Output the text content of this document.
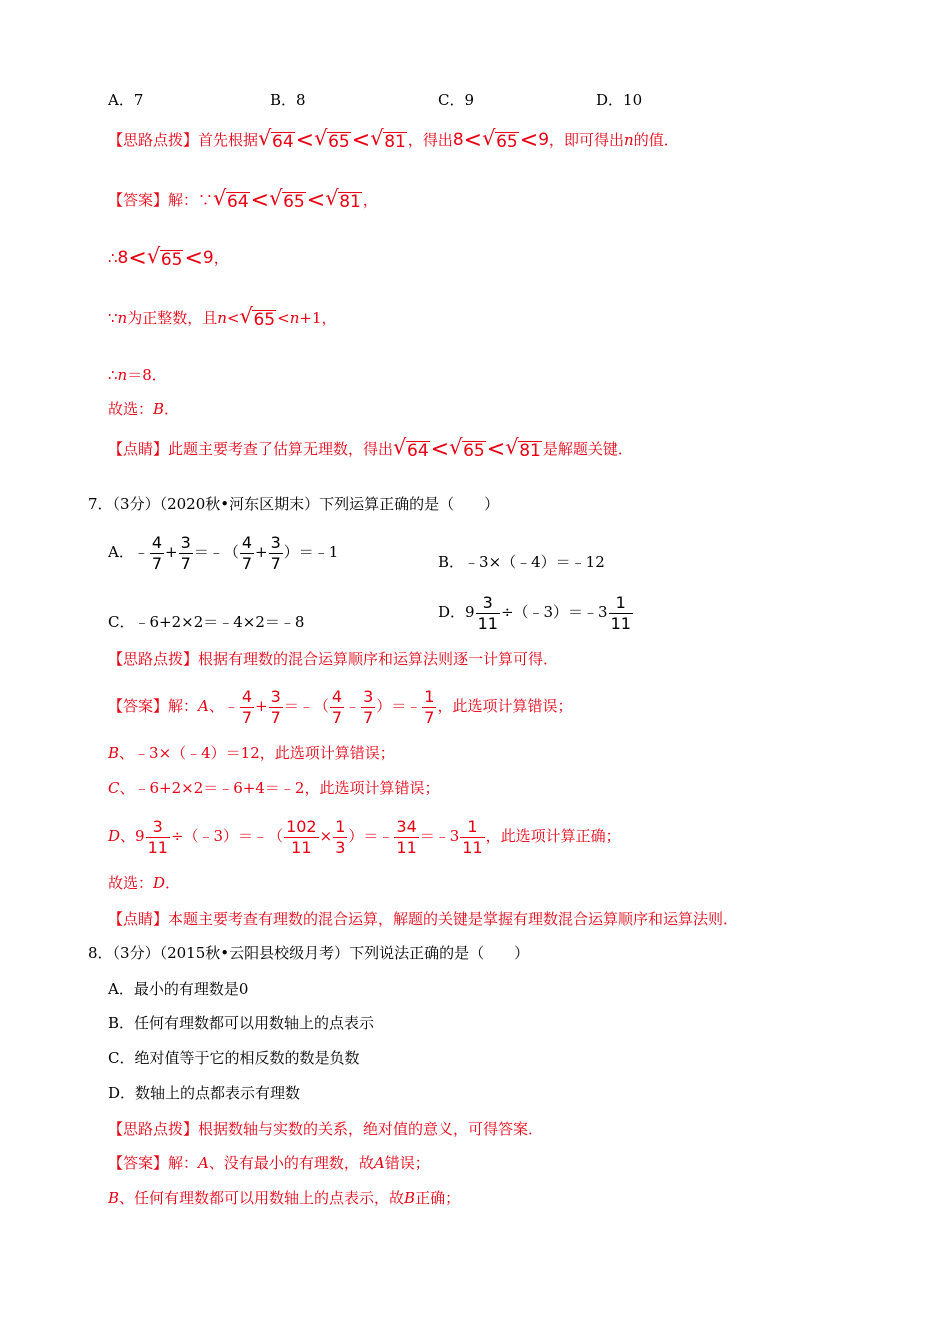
A．7	B．8	C．9	D．10
【思路点拨】首先根据 √ 64< √ 65< √ 81 ，得出8< √ 65<9，即可得出n的值．
【答案】解：∵ √ 64< √ 65< √ 81 ，
∴8< √ 65<9，
∵n为正整数，且n< √ 65 <n+1，
∴n＝8．
故选：B．
【点睛】此题主要考查了估算无理数，得出 √ 64< √ 65< √ 81 是解题关键．
7．（3分）（2020秋•河东区期末）下列运算正确的是（　　）
A．﹣ $\frac{4}{7} + \frac{3}{7}$ ＝﹣（ $\frac{4}{7} + \frac{3}{7}$ ）＝﹣1
B．﹣3×（﹣4）＝﹣12
C．﹣6+2×2＝﹣4×2＝﹣8
D．$9 \frac{3}{11}$ ÷（﹣3）＝﹣3 $\frac{1}{11}$
【思路点拨】根据有理数的混合运算顺序和运算法则逐一计算可得．
【答案】解：A、﹣ $\frac{4}{7} + \frac{3}{7}$ ＝﹣（ $\frac{4}{7}$ ﹣ $\frac{3}{7}$ ）＝﹣ $\frac{1}{7}$ ，此选项计算错误；
B、﹣3×（﹣4）＝12，此选项计算错误；
C、﹣6+2×2＝﹣6+4＝﹣2，此选项计算错误；
D、$9 \frac{3}{11}$ ÷（﹣3）＝﹣（ $\frac{102}{11} \times \frac{1}{3}$ ）＝﹣ $\frac{34}{11}$ ＝﹣3 $\frac{1}{11}$ ，此选项计算正确；
故选：D．
【点睛】本题主要考查有理数的混合运算，解题的关键是掌握有理数混合运算顺序和运算法则．
8．（3分）（2015秋•云阳县校级月考）下列说法正确的是（　　）
A．最小的有理数是0
B．任何有理数都可以用数轴上的点表示
C．绝对值等于它的相反数的数是负数
D．数轴上的点都表示有理数
【思路点拨】根据数轴与实数的关系，绝对值的意义，可得答案．
【答案】解：A、没有最小的有理数，故A错误；
B、任何有理数都可以用数轴上的点表示，故B正确；
